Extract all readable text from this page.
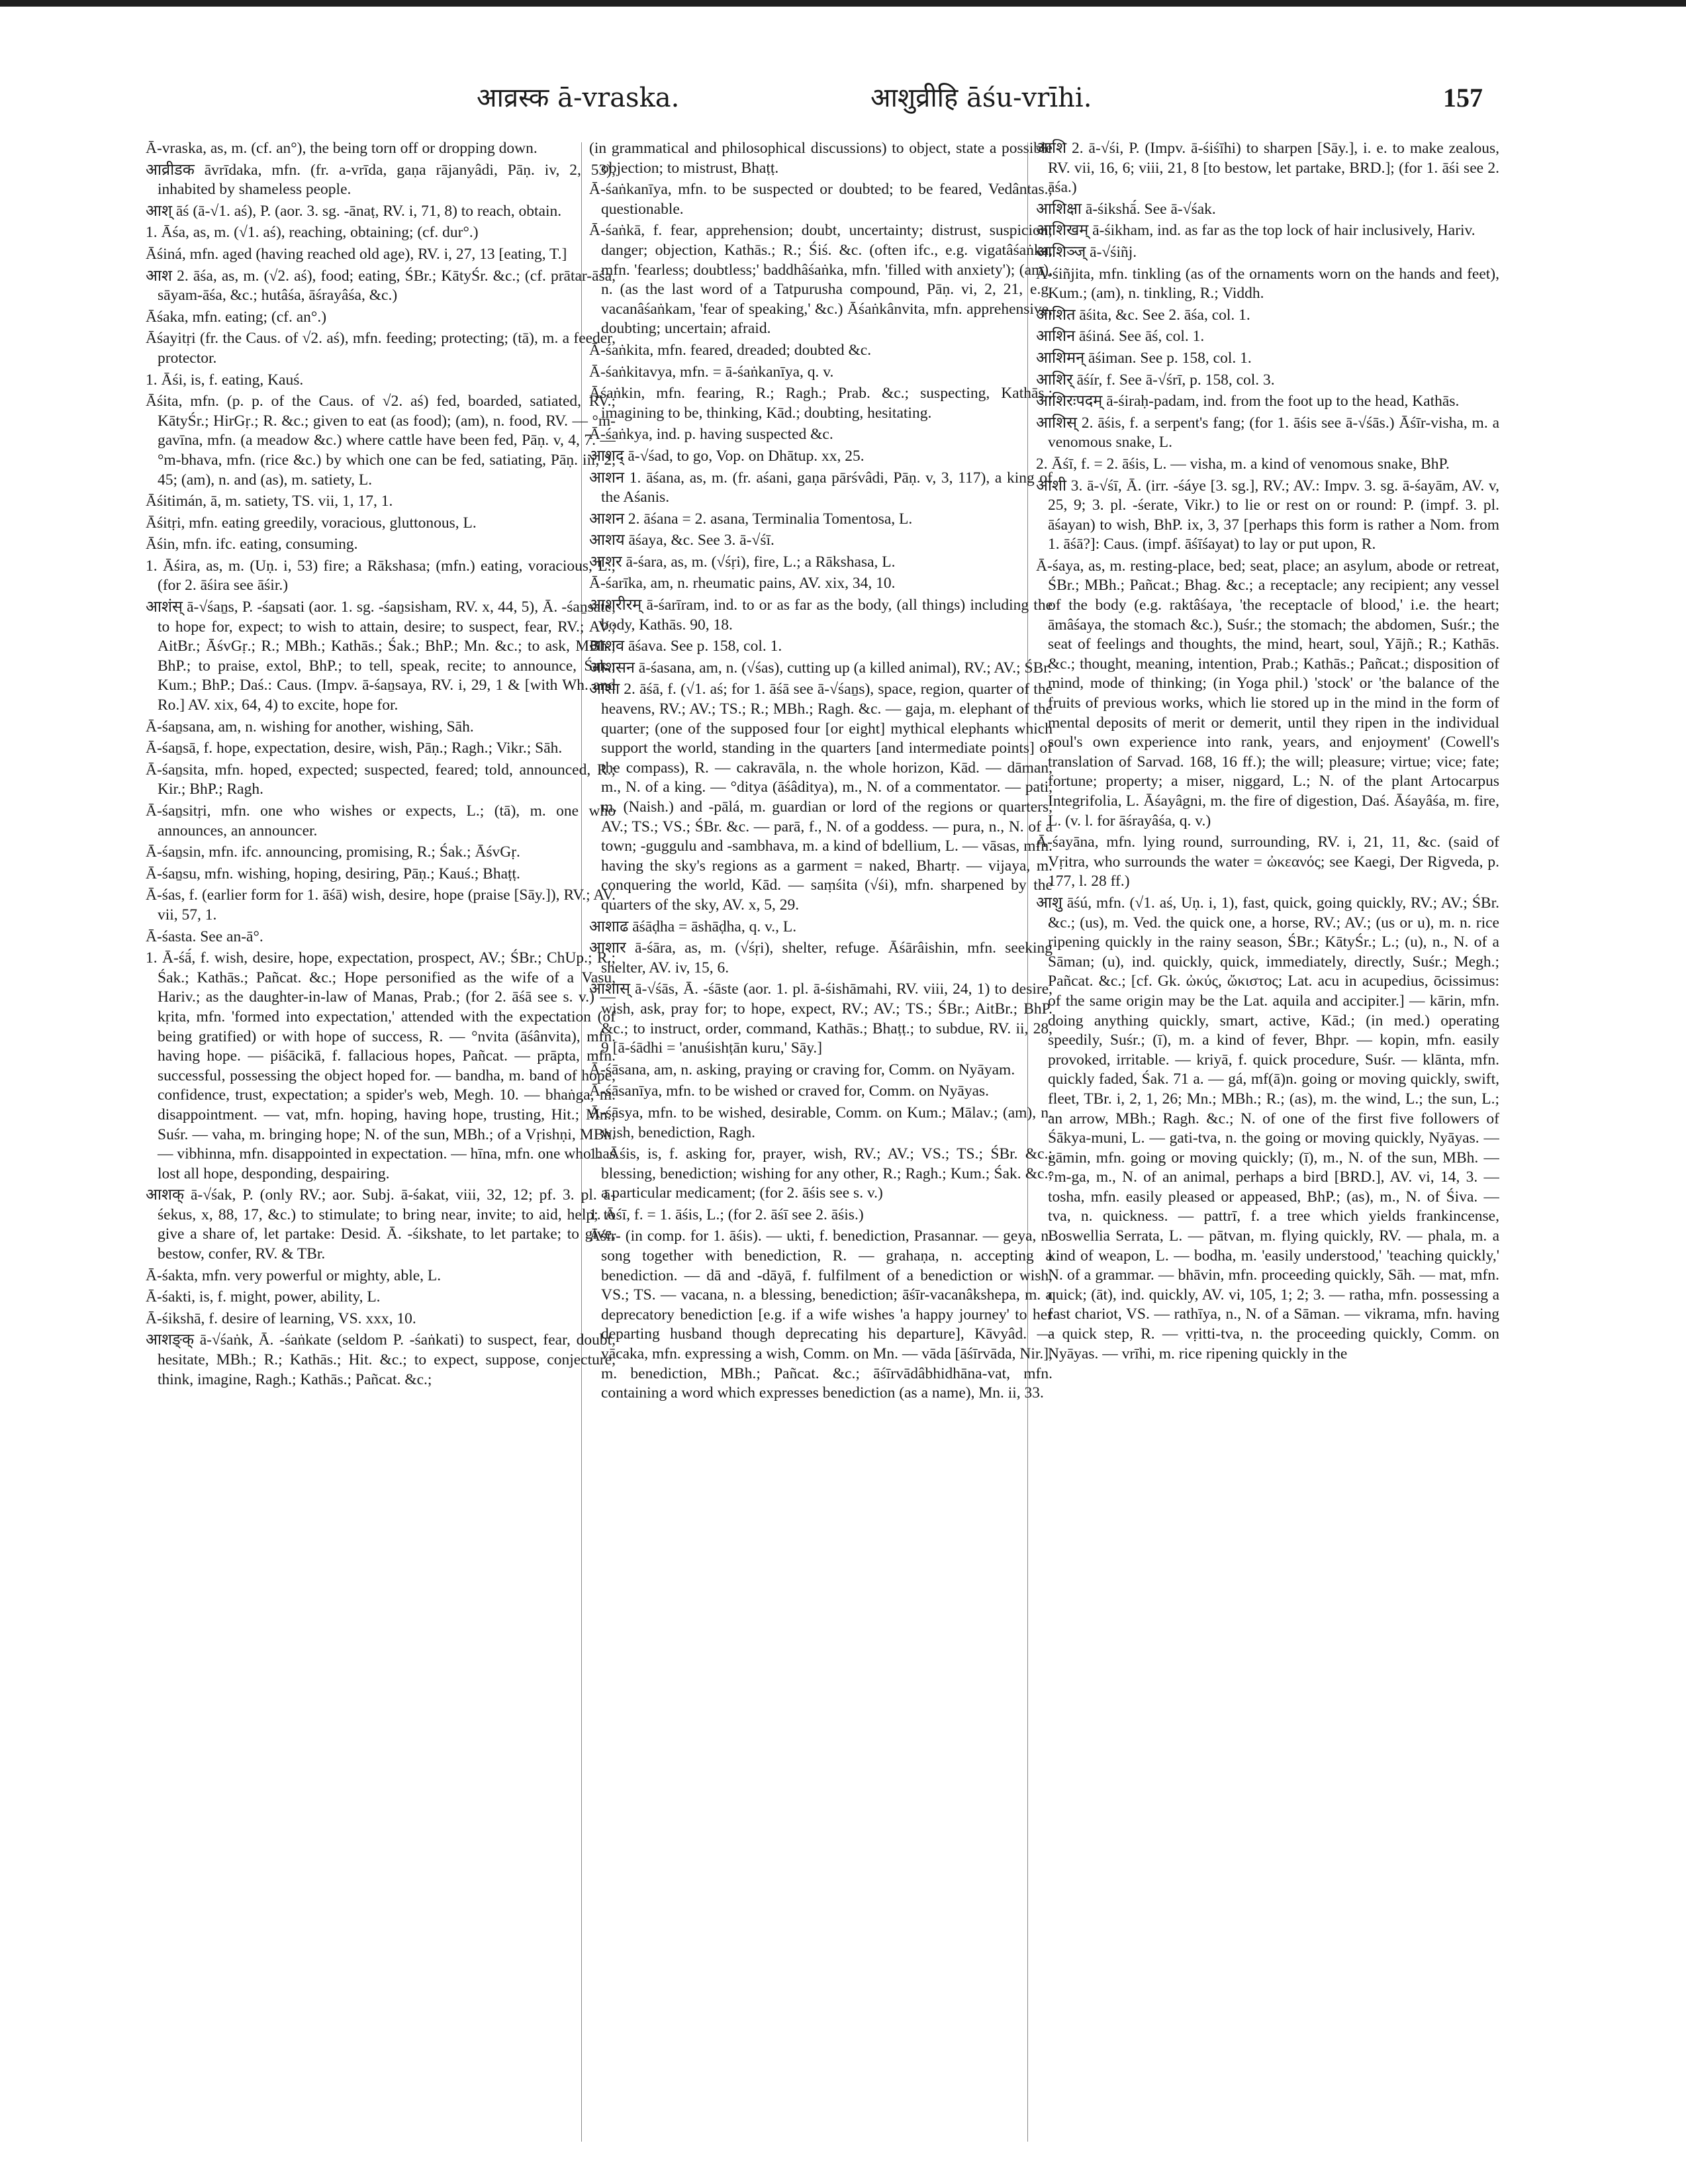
आव्रस्क ā-vraska.	आशुव्रीहि āśu-vrīhi.	157

Ā-vraska, as, m. (cf. an°), the being torn off or dropping down.

आव्रीडक āvrīdaka, mfn. (fr. a-vrīda, gaṇa rājanyâdi, Pāṇ. iv, 2, 53), inhabited by shameless people.

आश् āś (ā-√1. aś), P. (aor. 3. sg. -ānaṭ, RV. i, 71, 8) to reach, obtain.

1. Āśa, as, m. (√1. aś), reaching, obtaining; (cf. dur°.)

Āśiná, mfn. aged (having reached old age), RV. i, 27, 13 [eating, T.]

आश 2. āśa, as, m. (√2. aś), food; eating, ŚBr.; KātyŚr. &c.; (cf. prātar-āśa, sāyam-āśa, &c.; hutâśa, āśrayâśa, &c.)

Āśaka, mfn. eating; (cf. an°.)

Āśayitṛi (fr. the Caus. of √2. aś), mfn. feeding; protecting; (tā), m. a feeder, protector.

1. Āśi, is, f. eating, Kauś.

Āśita, mfn. (p. p. of the Caus. of √2. aś) fed, boarded, satiated, RV.; KātyŚr.; HirGṛ.; R. &c.; given to eat (as food); (am), n. food, RV. — °m-gavīna, mfn. (a meadow &c.) where cattle have been fed, Pāṇ. v, 4, 7. — °m-bhava, mfn. (rice &c.) by which one can be fed, satiating, Pāṇ. iii, 2, 45; (am), n. and (as), m. satiety, L.

Āśitimán, ā, m. satiety, TS. vii, 1, 17, 1.

Āśitṛi, mfn. eating greedily, voracious, gluttonous, L.

Āśin, mfn. ifc. eating, consuming.

1. Āśira, as, m. (Uṇ. i, 53) fire; a Rākshasa; (mfn.) eating, voracious, L.; (for 2. āśira see āśir.)

आशंस् ā-√śaṉs, P. -śaṉsati (aor. 1. sg. -śaṉsisham, RV. x, 44, 5), Ā. -śaṉsate, to hope for, expect; to wish to attain, desire; to suspect, fear, RV.; AV.; AitBr.; ĀśvGṛ.; R.; MBh.; Kathās.; Śak.; BhP.; Mn. &c.; to ask, MBh.; BhP.; to praise, extol, BhP.; to tell, speak, recite; to announce, Śak.; Kum.; BhP.; Daś.: Caus. (Impv. ā-śaṉsaya, RV. i, 29, 1 & [with Wh. and Ro.] AV. xix, 64, 4) to excite, hope for.

Ā-śaṉsana, am, n. wishing for another, wishing, Sāh.

Ā-śaṉsā, f. hope, expectation, desire, wish, Pāṇ.; Ragh.; Vikr.; Sāh.

Ā-śaṉsita, mfn. hoped, expected; suspected, feared; told, announced, R.; Kir.; BhP.; Ragh.

Ā-śaṉsitṛi, mfn. one who wishes or expects, L.; (tā), m. one who announces, an announcer.

Ā-śaṉsin, mfn. ifc. announcing, promising, R.; Śak.; ĀśvGṛ.

Ā-śaṉsu, mfn. wishing, hoping, desiring, Pāṇ.; Kauś.; Bhaṭṭ.

Ā-śas, f. (earlier form for 1. āśā) wish, desire, hope (praise [Sāy.]), RV.; AV. vii, 57, 1.

Ā-śasta. See an-ā°.

1. Ā-śā́, f. wish, desire, hope, expectation, prospect, AV.; ŚBr.; ChUp.; R.; Śak.; Kathās.; Pañcat. &c.; Hope personified as the wife of a Vasu, Hariv.; as the daughter-in-law of Manas, Prab.; (for 2. āśā see s. v.) — kṛita, mfn. 'formed into expectation,' attended with the expectation (of being gratified) or with hope of success, R. — °nvita (āśânvita), mfn. having hope. — piśācikā, f. fallacious hopes, Pañcat. — prāpta, mfn. successful, possessing the object hoped for. — bandha, m. band of hope, confidence, trust, expectation; a spider's web, Megh. 10. — bhaṅga, m. disappointment. — vat, mfn. hoping, having hope, trusting, Hit.; Mn.; Suśr. — vaha, m. bringing hope; N. of the sun, MBh.; of a Vṛishṇi, MBh. — vibhinna, mfn. disappointed in expectation. — hīna, mfn. one who has lost all hope, desponding, despairing.

आशक् ā-√śak, P. (only RV.; aor. Subj. ā-śakat, viii, 32, 12; pf. 3. pl. ā-śekus, x, 88, 17, &c.) to stimulate; to bring near, invite; to aid, help; to give a share of, let partake: Desid. Ā. -śikshate, to let partake; to give, bestow, confer, RV. & TBr.

Ā-śakta, mfn. very powerful or mighty, able, L.

Ā-śakti, is, f. might, power, ability, L.

Ā-śikshā, f. desire of learning, VS. xxx, 10.

आशङ्क् ā-√śaṅk, Ā. -śaṅkate (seldom P. -śaṅkati) to suspect, fear, doubt, hesitate, MBh.; R.; Kathās.; Hit. &c.; to expect, suppose, conjecture, think, imagine, Ragh.; Kathās.; Pañcat. &c.;

(in grammatical and philosophical discussions) to object, state a possible objection; to mistrust, Bhaṭṭ.

Ā-śaṅkanīya, mfn. to be suspected or doubted; to be feared, Vedântas.; questionable.

Ā-śaṅkā, f. fear, apprehension; doubt, uncertainty; distrust, suspicion; danger; objection, Kathās.; R.; Śiś. &c. (often ifc., e.g. vigatâśaṅka, mfn. 'fearless; doubtless;' baddhâśaṅka, mfn. 'filled with anxiety'); (am), n. (as the last word of a Tatpurusha compound, Pāṇ. vi, 2, 21, e.g. vacanâśaṅkam, 'fear of speaking,' &c.) Āśaṅkânvita, mfn. apprehensive, doubting; uncertain; afraid.

Ā-śaṅkita, mfn. feared, dreaded; doubted &c.

Ā-śaṅkitavya, mfn. = ā-śaṅkanīya, q. v.

Āśaṅkin, mfn. fearing, R.; Ragh.; Prab. &c.; suspecting, Kathās.; imagining to be, thinking, Kād.; doubting, hesitating.

Ā-śaṅkya, ind. p. having suspected &c.

आशद् ā-√śad, to go, Vop. on Dhātup. xx, 25.

आशन 1. āśana, as, m. (fr. aśani, gaṇa pārśvâdi, Pāṇ. v, 3, 117), a king of the Aśanis.

आशन 2. āśana = 2. asana, Terminalia Tomentosa, L.

आशय āśaya, &c. See 3. ā-√śī.

आशर ā-śara, as, m. (√śṛi), fire, L.; a Rākshasa, L.

Ā-śarīka, am, n. rheumatic pains, AV. xix, 34, 10.

आशरीरम् ā-śarīram, ind. to or as far as the body, (all things) including the body, Kathās. 90, 18.

आशव āśava. See p. 158, col. 1.

आशसन ā-śasana, am, n. (√śas), cutting up (a killed animal), RV.; AV.; ŚBr.

आशा 2. āśā, f. (√1. aś; for 1. āśā see ā-√śaṉs), space, region, quarter of the heavens, RV.; AV.; TS.; R.; MBh.; Ragh. &c. — gaja, m. elephant of the quarter; (one of the supposed four [or eight] mythical elephants which support the world, standing in the quarters [and intermediate points] of the compass), R. — cakravāla, n. the whole horizon, Kād. — dāman, m., N. of a king. — °ditya (āśâditya), m., N. of a commentator. — pati, m. (Naish.) and -pālá, m. guardian or lord of the regions or quarters, AV.; TS.; VS.; ŚBr. &c. — parā, f., N. of a goddess. — pura, n., N. of a town; -guggulu and -sambhava, m. a kind of bdellium, L. — vāsas, mfn. having the sky's regions as a garment = naked, Bhartṛ. — vijaya, m. conquering the world, Kād. — saṃśita (√śi), mfn. sharpened by the quarters of the sky, AV. x, 5, 29.

आशाढ āśāḍha = āshāḍha, q. v., L.

आशार ā-śāra, as, m. (√śṛi), shelter, refuge. Āśārâishin, mfn. seeking shelter, AV. iv, 15, 6.

आशास् ā-√śās, Ā. -śāste (aor. 1. pl. ā-śishāmahi, RV. viii, 24, 1) to desire, wish, ask, pray for; to hope, expect, RV.; AV.; TS.; ŚBr.; AitBr.; BhP. &c.; to instruct, order, command, Kathās.; Bhaṭṭ.; to subdue, RV. ii, 28, 9 [ā-śādhi = 'anuśishṭān kuru,' Sāy.]

Ā-śāsana, am, n. asking, praying or craving for, Comm. on Nyāyam.

Ā-śāsanīya, mfn. to be wished or craved for, Comm. on Nyāyas.

Ā-śāsya, mfn. to be wished, desirable, Comm. on Kum.; Mālav.; (am), n. wish, benediction, Ragh.

1. Āśis, is, f. asking for, prayer, wish, RV.; AV.; VS.; TS.; ŚBr. &c.; blessing, benediction; wishing for any other, R.; Ragh.; Kum.; Śak. &c.; a particular medicament; (for 2. āśis see s. v.)

1. Āśī, f. = 1. āśis, L.; (for 2. āśī see 2. āśis.)

Āśīr- (in comp. for 1. āśis). — ukti, f. benediction, Prasannar. — geya, n. song together with benediction, R. — grahaṇa, n. accepting a benediction. — dā and -dāyā, f. fulfilment of a benediction or wish, VS.; TS. — vacana, n. a blessing, benediction; āśīr-vacanâkshepa, m. a deprecatory benediction [e.g. if a wife wishes 'a happy journey' to her departing husband though deprecating his departure], Kāvyâd. — vācaka, mfn. expressing a wish, Comm. on Mn. — vāda [āśīrvāda, Nir.], m. benediction, MBh.; Pañcat. &c.; āśīrvādâbhidhāna-vat, mfn. containing a word which expresses benediction (as a name), Mn. ii, 33.

आशि 2. ā-√śi, P. (Impv. ā-śiśīhi) to sharpen [Sāy.], i. e. to make zealous, RV. vii, 16, 6; viii, 21, 8 [to bestow, let partake, BRD.]; (for 1. āśi see 2. āśa.)

आशिक्षा ā-śikshā́. See ā-√śak.

आशिखम् ā-śikham, ind. as far as the top lock of hair inclusively, Hariv.

आशिञ्ज् ā-√śiñj.

Ā-śiñjita, mfn. tinkling (as of the ornaments worn on the hands and feet), Kum.; (am), n. tinkling, R.; Viddh.

आशित āśita, &c. See 2. āśa, col. 1.

आशिन āśiná. See āś, col. 1.

आशिमन् āśiman. See p. 158, col. 1.

आशिर् āśír, f. See ā-√śrī, p. 158, col. 3.

आशिरःपदम् ā-śiraḥ-padam, ind. from the foot up to the head, Kathās.

आशिस् 2. āśis, f. a serpent's fang; (for 1. āśis see ā-√śās.) Āśīr-visha, m. a venomous snake, L.

2. Āśī, f. = 2. āśis, L. — visha, m. a kind of venomous snake, BhP.

आशी 3. ā-√śī, Ā. (irr. -śáye [3. sg.], RV.; AV.: Impv. 3. sg. ā-śayām, AV. v, 25, 9; 3. pl. -śerate, Vikr.) to lie or rest on or round: P. (impf. 3. pl. āśayan) to wish, BhP. ix, 3, 37 [perhaps this form is rather a Nom. from 1. āśā?]: Caus. (impf. āśīśayat) to lay or put upon, R.

Ā-śaya, as, m. resting-place, bed; seat, place; an asylum, abode or retreat, ŚBr.; MBh.; Pañcat.; Bhag. &c.; a receptacle; any recipient; any vessel of the body (e.g. raktâśaya, 'the receptacle of blood,' i.e. the heart; āmâśaya, the stomach &c.), Suśr.; the stomach; the abdomen, Suśr.; the seat of feelings and thoughts, the mind, heart, soul, Yājñ.; R.; Kathās. &c.; thought, meaning, intention, Prab.; Kathās.; Pañcat.; disposition of mind, mode of thinking; (in Yoga phil.) 'stock' or 'the balance of the fruits of previous works, which lie stored up in the mind in the form of mental deposits of merit or demerit, until they ripen in the individual soul's own experience into rank, years, and enjoyment' (Cowell's translation of Sarvad. 168, 16 ff.); the will; pleasure; virtue; vice; fate; fortune; property; a miser, niggard, L.; N. of the plant Artocarpus Integrifolia, L. Āśayâgni, m. the fire of digestion, Daś. Āśayâśa, m. fire, L. (v. l. for āśrayâśa, q. v.)

Ā-śayāna, mfn. lying round, surrounding, RV. i, 21, 11, &c. (said of Vṛitra, who surrounds the water = ὠκεανός; see Kaegi, Der Rigveda, p. 177, l. 28 ff.)

आशु āśú, mfn. (√1. aś, Uṇ. i, 1), fast, quick, going quickly, RV.; AV.; ŚBr. &c.; (us), m. Ved. the quick one, a horse, RV.; AV.; (us or u), m. n. rice ripening quickly in the rainy season, ŚBr.; KātyŚr.; L.; (u), n., N. of a Sāman; (u), ind. quickly, quick, immediately, directly, Suśr.; Megh.; Pañcat. &c.; [cf. Gk. ὠκύς, ὤκιστος; Lat. acu in acupedius, ōcissimus: of the same origin may be the Lat. aquila and accipiter.] — kārin, mfn. doing anything quickly, smart, active, Kād.; (in med.) operating speedily, Suśr.; (ī), m. a kind of fever, Bhpr. — kopin, mfn. easily provoked, irritable. — kriyā, f. quick procedure, Suśr. — klānta, mfn. quickly faded, Śak. 71 a. — gá, mf(ā)n. going or moving quickly, swift, fleet, TBr. i, 2, 1, 26; Mn.; MBh.; R.; (as), m. the wind, L.; the sun, L.; an arrow, MBh.; Ragh. &c.; N. of one of the first five followers of Śākya-muni, L. — gati-tva, n. the going or moving quickly, Nyāyas. — gāmin, mfn. going or moving quickly; (ī), m., N. of the sun, MBh. — °m-ga, m., N. of an animal, perhaps a bird [BRD.], AV. vi, 14, 3. — tosha, mfn. easily pleased or appeased, BhP.; (as), m., N. of Śiva. — tva, n. quickness. — pattrī, f. a tree which yields frankincense, Boswellia Serrata, L. — pātvan, m. flying quickly, RV. — phala, m. a kind of weapon, L. — bodha, m. 'easily understood,' 'teaching quickly,' N. of a grammar. — bhāvin, mfn. proceeding quickly, Sāh. — mat, mfn. quick; (āt), ind. quickly, AV. vi, 105, 1; 2; 3. — ratha, mfn. possessing a fast chariot, VS. — rathīya, n., N. of a Sāman. — vikrama, mfn. having a quick step, R. — vṛitti-tva, n. the proceeding quickly, Comm. on Nyāyas. — vrīhi, m. rice ripening quickly in the
